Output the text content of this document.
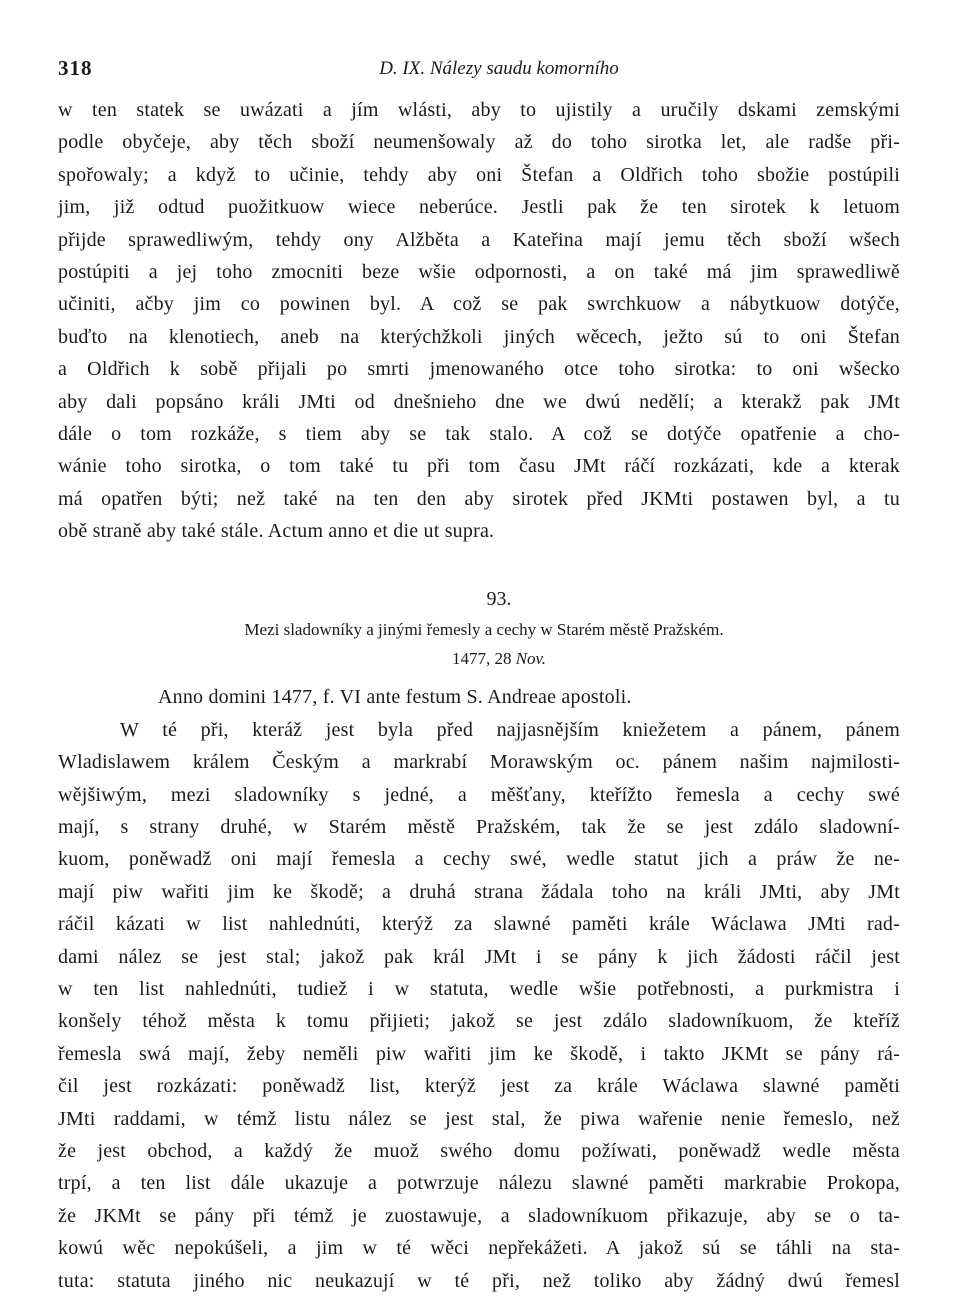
318	D. IX. Nálezy saudu komorního
w ten statek se uwázati a jím wlásti, aby to ujistily a uručily dskami zemskými
podle obyčeje, aby těch sboží neumenšowaly až do toho sirotka let, ale radše při-
spořowaly; a když to učinie, tehdy aby oni Štefan a Oldřich toho sbožie postúpili
jim, již odtud puožitkuow wiece neberúce. Jestli pak že ten sirotek k letuom
přijde sprawedliwým, tehdy ony Alžběta a Kateřina mají jemu těch sboží wšech
postúpiti a jej toho zmocniti beze wšie odpornosti, a on také má jim sprawedliwě
učiniti, ačby jim co powinen byl. A což se pak swrchkuow a nábytkuow dotýče,
buďto na klenotiech, aneb na kterýchžkoli jiných wěcech, ježto sú to oni Štefan
a Oldřich k sobě přijali po smrti jmenowaného otce toho sirotka: to oni wšecko
aby dali popsáno králi JMti od dnešnieho dne we dwú nedělí; a kterakž pak JMt
dále o tom rozkáže, s tiem aby se tak stalo. A což se dotýče opatřenie a cho-
wánie toho sirotka, o tom také tu při tom času JMt ráčí rozkázati, kde a kterak
má opatřen býti; než také na ten den aby sirotek před JKMti postawen byl, a tu
obě straně aby také stále. Actum anno et die ut supra.
93.
Mezi sladowníky a jinými řemesly a cechy w Starém městě Pražském.
1477, 28 Nov.
Anno domini 1477, f. VI ante festum S. Andreae apostoli.
W té při, kteráž jest byla před najjasnějším kniežetem a pánem, pánem
Wladislawem králem Českým a markrabí Morawským oc. pánem našim najmilosti-
wějšiwým, mezi sladowníky s jedné, a měšťany, kteřížto řemesla a cechy swé
mají, s strany druhé, w Starém městě Pražském, tak že se jest zdálo sladowní-
kuom, poněwadž oni mají řemesla a cechy swé, wedle statut jich a práw že ne-
mají piw wařiti jim ke škodě; a druhá strana žádala toho na králi JMti, aby JMt
ráčil kázati w list nahlednúti, kterýž za slawné paměti krále Wáclawa JMti rad-
dami nález se jest stal; jakož pak král JMt i se pány k jich žádosti ráčil jest
w ten list nahlednúti, tudiež i w statuta, wedle wšie potřebnosti, a purkmistra i
konšely téhož města k tomu přijieti; jakož se jest zdálo sladowníkuom, že kteříž
řemesla swá mají, žeby neměli piw wařiti jim ke škodě, i takto JKMt se pány rá-
čil jest rozkázati: poněwadž list, kterýž jest za krále Wáclawa slawné paměti
JMti raddami, w témž listu nález se jest stal, že piwa wařenie nenie řemeslo, než
že jest obchod, a každý že muož swého domu požíwati, poněwadž wedle města
trpí, a ten list dále ukazuje a potwrzuje nálezu slawné paměti markrabie Prokopa,
že JKMt se pány při témž je zuostawuje, a sladowníkuom přikazuje, aby se o ta-
kowú wěc nepokúšeli, a jim w té wěci nepřekážeti. A jakož sú se táhli na sta-
tuta: statuta jiného nic neukazují w té při, než toliko aby žádný dwú řemesl
